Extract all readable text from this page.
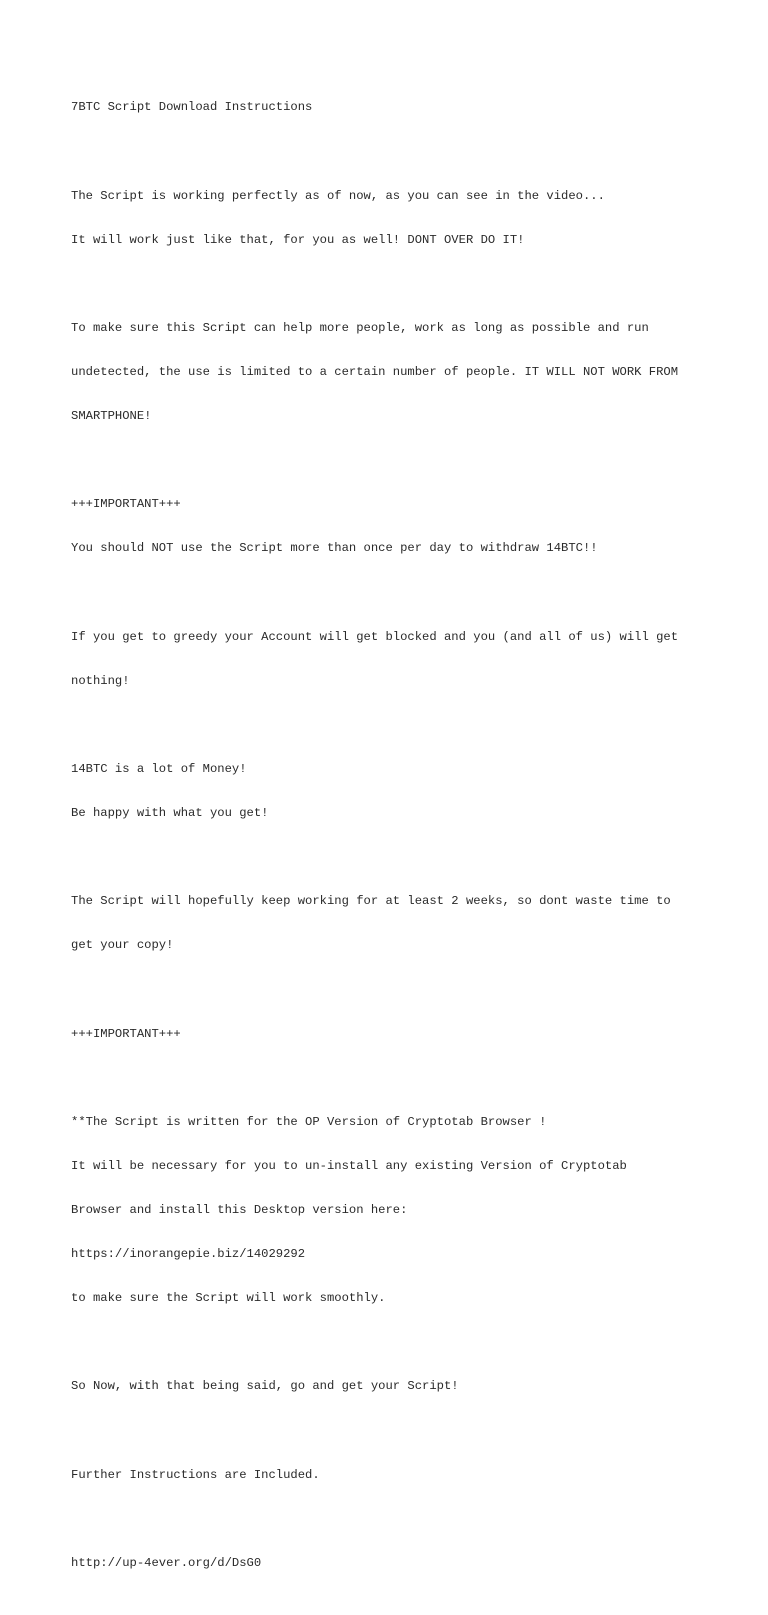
7BTC Script Download Instructions

The Script is working perfectly as of now, as you can see in the video...

It will work just like that, for you as well! DONT OVER DO IT!

To make sure this Script can help more people, work as long as possible and run

undetected, the use is limited to a certain number of people. IT WILL NOT WORK FROM

SMARTPHONE!

+++IMPORTANT+++

You should NOT use the Script more than once per day to withdraw 14BTC!!

If you get to greedy your Account will get blocked and you (and all of us) will get

nothing!

14BTC is a lot of Money!

Be happy with what you get!

The Script will hopefully keep working for at least 2 weeks, so dont waste time to

get your copy!

+++IMPORTANT+++

**The Script is written for the OP Version of Cryptotab Browser !

It will be necessary for you to un-install any existing Version of Cryptotab

Browser and install this Desktop version here:

https://inorangepie.biz/14029292

to make sure the Script will work smoothly.

So Now, with that being said, go and get your Script!

Further Instructions are Included.

http://up-4ever.org/d/DsG0
